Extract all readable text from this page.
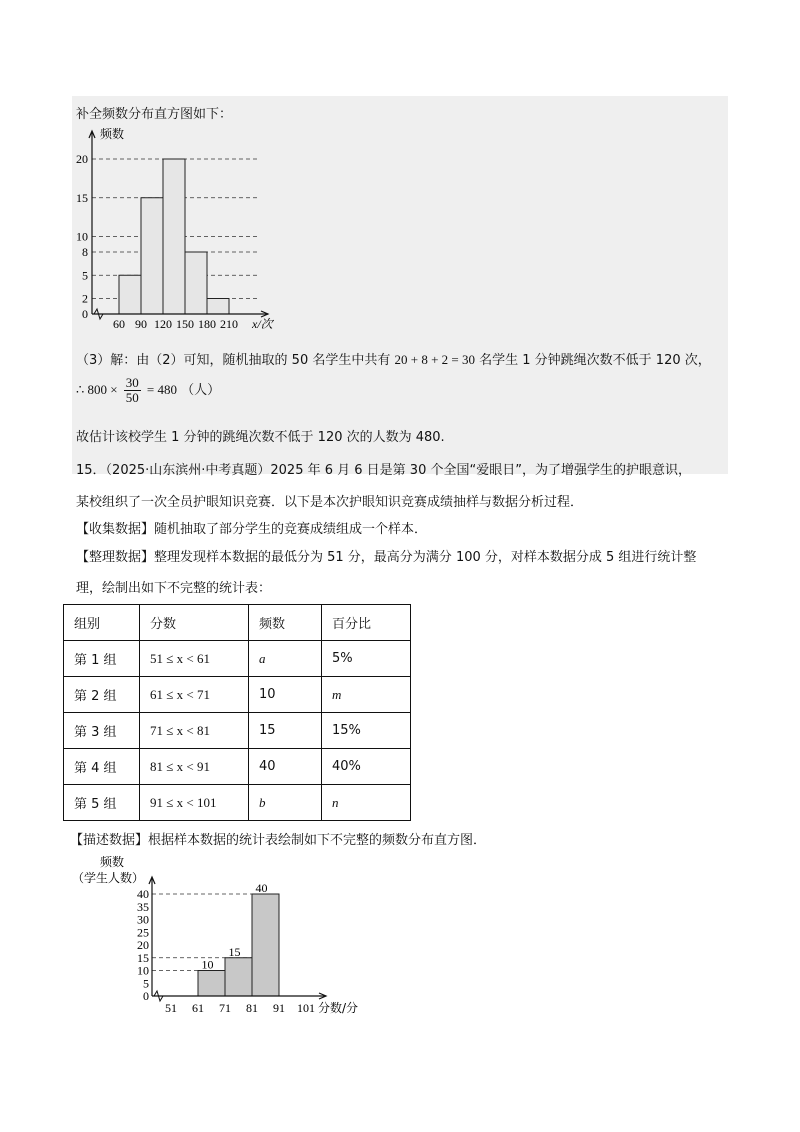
补全频数分布直方图如下：
0
2
5
8
10
15
20
60 90 120 150 180 210
频数
x/次
（3）解：由（2）可知，随机抽取的 50 名学生中共有 20 + 8 + 2 = 30 名学生 1 分钟跳绳次数不低于 120 次，
∴ $800 \times \frac{30}{50} = 480$ （人）
故估计该校学生 1 分钟的跳绳次数不低于 120 次的人数为 480.
15．（2025·山东滨州·中考真题）2025 年 6 月 6 日是第 30 个全国“爱眼日”，为了增强学生的护眼意识，
某校组织了一次全员护眼知识竞赛．以下是本次护眼知识竞赛成绩抽样与数据分析过程．
【收集数据】随机抽取了部分学生的竞赛成绩组成一个样本．
【整理数据】整理发现样本数据的最低分为 51 分，最高分为满分 100 分，对样本数据分成 5 组进行统计整
理，绘制出如下不完整的统计表：
组别	分数	频数	百分比
第 1 组	51 ≤ x < 61	a	5%
第 2 组	61 ≤ x < 71	10	m
第 3 组	71 ≤ x < 81	15	15%
第 4 组	81 ≤ x < 91	40	40%
第 5 组	91 ≤ x < 101	b	n
【描述数据】根据样本数据的统计表绘制如下不完整的频数分布直方图．
10
15
40
0
5
10
15
20
25
30
35
40
51 61 71 81 91 101
频数
（学生人数）
分数/分
